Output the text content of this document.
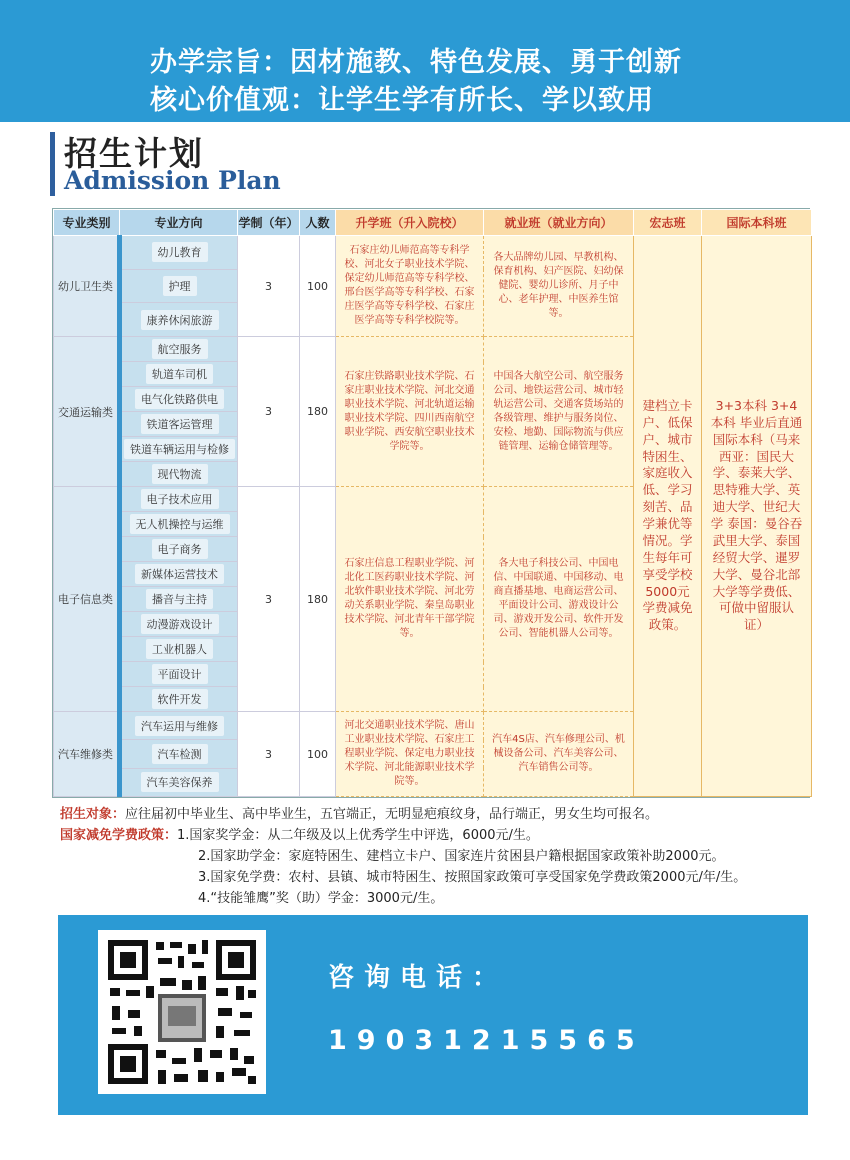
办学宗旨：因材施教、特色发展、勇于创新
核心价值观：让学生学有所长、学以致用
招生计划
Admission Plan
专业类别	专业方向	学制（年）	人数	升学班（升入院校）	就业班（就业方向）	宏志班	国际本科班
幼儿卫生类	幼儿教育	3	100	石家庄幼儿师范高等专科学校、河北女子职业技术学院、保定幼儿师范高等专科学校、邢台医学高等专科学校、石家庄医学高等专科学校、石家庄医学高等专科学校院等。	各大品牌幼儿园、早教机构、保育机构、妇产医院、妇幼保健院、婴幼儿诊所、月子中心、老年护理、中医养生馆等。	建档立卡户、低保户、城市特困生、家庭收入低、学习刻苦、品学兼优等情况。学生每年可享受学校5000元学费减免政策。	3+3本科 3+4本科 毕业后直通国际本科（马来西亚：国民大学、泰莱大学、思特雅大学、英迪大学、世纪大学 泰国：曼谷吞武里大学、泰国经贸大学、暹罗大学、曼谷北部大学等学费低、可做中留服认证）
	护理						
	康养休闲旅游						
交通运输类	航空服务	3	180	石家庄铁路职业技术学院、石家庄职业技术学院、河北交通职业技术学院、河北轨道运输职业技术学院、四川西南航空职业学院、西安航空职业技术学院等。	中国各大航空公司、航空服务公司、地铁运营公司、城市轻轨运营公司、交通客货场站的各级管理、维护与服务岗位、安检、地勤、国际物流与供应链管理、运输仓储管理等。		
	轨道车司机						
	电气化铁路供电						
	铁道客运管理						
	铁道车辆运用与检修						
	现代物流						
电子信息类	电子技术应用	3	180	石家庄信息工程职业学院、河北化工医药职业技术学院、河北软件职业技术学院、河北劳动关系职业学院、秦皇岛职业技术学院、河北青年干部学院等。	各大电子科技公司、中国电信、中国联通、中国移动、电商直播基地、电商运营公司、平面设计公司、游戏设计公司、游戏开发公司、软件开发公司、智能机器人公司等。		
	无人机操控与运维						
	电子商务						
	新媒体运营技术						
	播音与主持						
	动漫游戏设计						
	工业机器人						
	平面设计						
	软件开发						
汽车维修类	汽车运用与维修	3	100	河北交通职业技术学院、唐山工业职业技术学院、石家庄工程职业学院、保定电力职业技术学院、河北能源职业技术学院等。	汽车4S店、汽车修理公司、机械设备公司、汽车美容公司、汽车销售公司等。		
	汽车检测						
	汽车美容保养						
招生对象：应往届初中毕业生、高中毕业生，五官端正，无明显疤痕纹身，品行端正，男女生均可报名。
国家减免学费政策：1.国家奖学金：从二年级及以上优秀学生中评选，6000元/生。
2.国家助学金：家庭特困生、建档立卡户、国家连片贫困县户籍根据国家政策补助2000元。
3.国家免学费：农村、县镇、城市特困生、按照国家政策可享受国家免学费政策2000元/年/生。
4.“技能雏鹰”奖（助）学金：3000元/生。
咨询电话：
19031215565
